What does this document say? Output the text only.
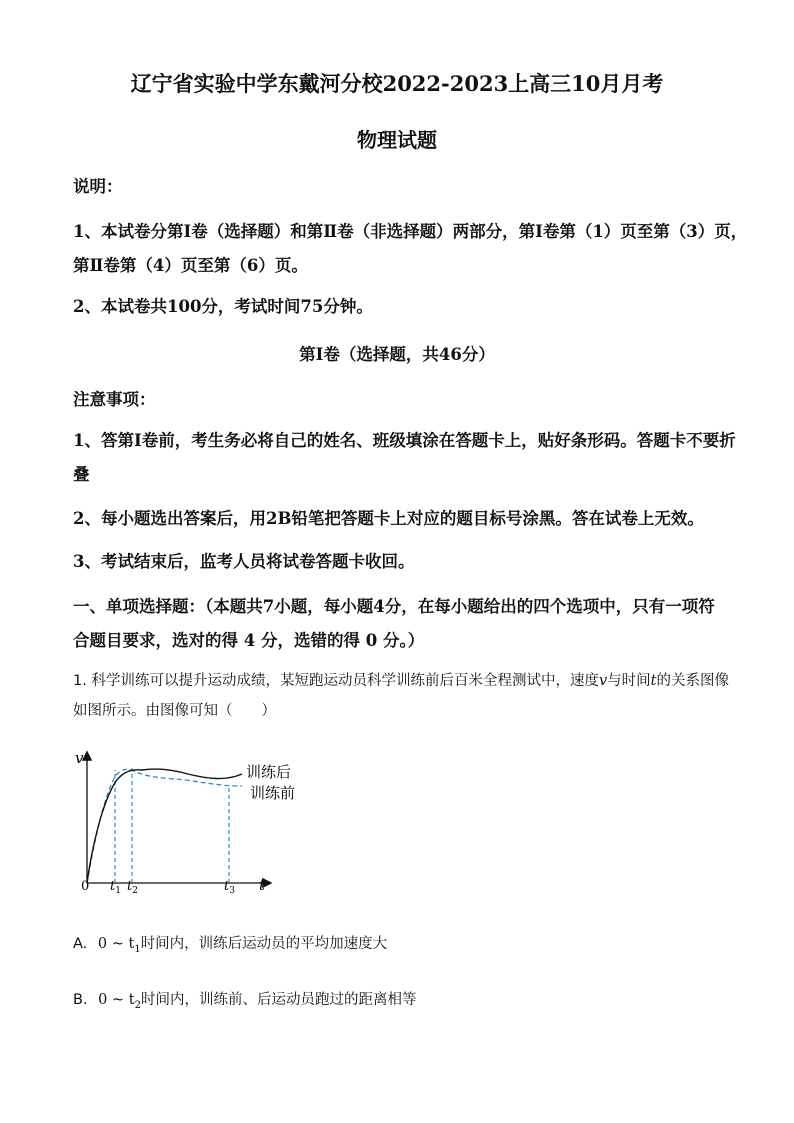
辽宁省实验中学东戴河分校2022-2023上高三10月月考
物理试题
说明：
1、本试卷分第Ⅰ卷（选择题）和第Ⅱ卷（非选择题）两部分，第Ⅰ卷第（1）页至第（3）页，
第Ⅱ卷第（4）页至第（6）页。
2、本试卷共100分，考试时间75分钟。
第Ⅰ卷（选择题，共46分）
注意事项：
1、答第Ⅰ卷前，考生务必将自己的姓名、班级填涂在答题卡上，贴好条形码。答题卡不要折
叠
2、每小题选出答案后，用2B铅笔把答题卡上对应的题目标号涂黑。答在试卷上无效。
3、考试结束后，监考人员将试卷答题卡收回。
一、单项选择题：（本题共7小题，每小题4分，在每小题给出的四个选项中，只有一项符
合题目要求，选对的得 4 分，选错的得 0 分。）
1. 科学训练可以提升运动成绩，某短跑运动员科学训练前后百米全程测试中，速度v与时间t的关系图像
如图所示。由图像可知（　　）
v
t
0 $t_1$ $t_2$	$t_3$
训练后
训练前
A. 0 ~ $t_1$时间内，训练后运动员的平均加速度大
B. 0 ~ $t_2$时间内，训练前、后运动员跑过的距离相等
